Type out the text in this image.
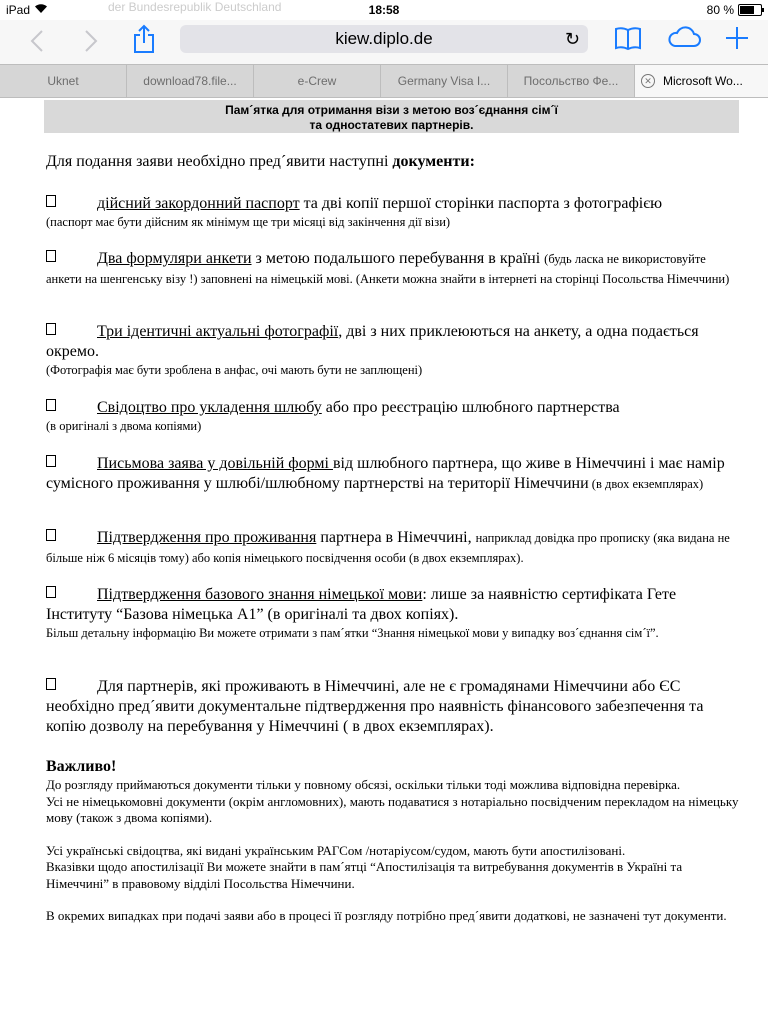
iPad	18:58	80 %
der Bundesrepublik Deutschland
kiew.diplo.de	↻
Uknet	download78.file...	e-Crew	Germany Visa I...	Посольство Фе...	✕ Microsoft Wo...
Пам´ятка для отримання візи з метою воз´єднання сім´ї
та одностатевих партнерів.
Для подання заяви необхідно пред´явити наступні документи:
дійсний закордонний паспорт та дві копії першої сторінки паспорта з фотографією
(паспорт має бути дійсним як мінімум ще три місяці від закінчення дії візи)
Два формуляри анкети з метою подальшого перебування в країні (будь ласка не використовуйте анкети на шенгенську візу !) заповнені на німецькій мові. (Анкети можна знайти в інтернеті на сторінці Посольства Німеччини)
Три ідентичні актуальні фотографії, дві з них приклеюються на анкету, а одна подається окремо.
(Фотографія має бути зроблена в анфас, очі мають бути не заплющені)
Свідоцтво про укладення шлюбу або про реєстрацію шлюбного партнерства
(в оригіналі з двома копіями)
Письмова заява у довільній формі від шлюбного партнера, що живе в Німеччині і має намір сумісного проживання у шлюбі/шлюбному партнерстві на території Німеччини (в двох екземплярах)
Підтвердження про проживання партнера в Німеччині, наприклад довідка про прописку (яка видана не більше ніж 6 місяців тому) або копія німецького посвідчення особи (в двох екземплярах).
Підтвердження базового знання німецької мови: лише за наявністю сертифіката Гете Інституту “Базова німецька А1” (в оригіналі та двох копіях).
Більш детальну інформацію Ви можете отримати з пам´ятки “Знання німецької мови у випадку воз´єднання сім´ї”.
Для партнерів, які проживають в Німеччині, але не є громадянами Німеччини або ЄС необхідно пред´явити документальне підтвердження про наявність фінансового забезпечення та копію дозволу на перебування у Німеччині ( в двох екземплярах).
Важливо!

До розгляду приймаються документи тільки у повному обсязі, оскільки тільки тоді можлива відповідна перевірка.

Усі не німецькомовні документи (окрім англомовних), мають подаватися з нотаріально посвідченим перекладом на німецьку мову (також з двома копіями).

Усі українські свідоцтва, які видані українським РАГСом /нотаріусом/судом, мають бути апостилізовані.

Вказівки щодо апостилізації Ви можете знайти в пам´ятці “Апостилізація та витребування документів в Україні та Німеччині” в правовому відділі Посольства Німеччини.

В окремих випадках при подачі заяви або в процесі її розгляду потрібно пред´явити додаткові, не зазначені тут документи.
